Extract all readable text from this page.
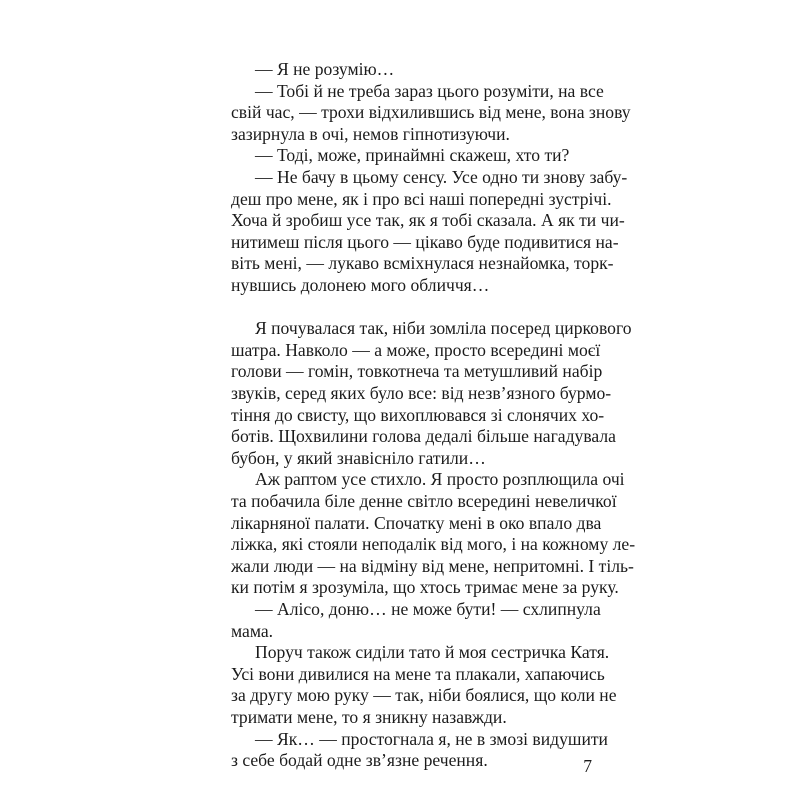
— Я не розумію…
— Тобі й не треба зараз цього розуміти, на все
свій час, — трохи відхилившись від мене, вона знову
зазирнула в очі, немов гіпнотизуючи.
— Тоді, може, принаймні скажеш, хто ти?
— Не бачу в цьому сенсу. Усе одно ти знову забу-
деш про мене, як і про всі наші попередні зустрічі.
Хоча й зробиш усе так, як я тобі сказала. А як ти чи-
нитимеш після цього — цікаво буде подивитися на-
віть мені, — лукаво всміхнулася незнайомка, торк-
нувшись долонею мого обличчя…
Я почувалася так, ніби зомліла посеред циркового
шатра. Навколо — а може, просто всередині моєї
голови — гомін, товкотнеча та метушливий набір
звуків, серед яких було все: від незв’язного бурмо-
тіння до свисту, що вихоплювався зі слонячих хо-
ботів. Щохвилини голова дедалі більше нагадувала
бубон, у який знавісніло гатили…
Аж раптом усе стихло. Я просто розплющила очі
та побачила біле денне світло всередині невеличкої
лікарняної палати. Спочатку мені в око впало два
ліжка, які стояли неподалік від мого, і на кожному ле-
жали люди — на відміну від мене, непритомні. І тіль-
ки потім я зрозуміла, що хтось тримає мене за руку.
— Алісо, доню… не може бути! — схлипнула
мама.
Поруч також сиділи тато й моя сестричка Катя.
Усі вони дивилися на мене та плакали, хапаючись
за другу мою руку — так, ніби боялися, що коли не
тримати мене, то я зникну назавжди.
— Як… — простогнала я, не в змозі видушити
з себе бодай одне зв’язне речення.	7
